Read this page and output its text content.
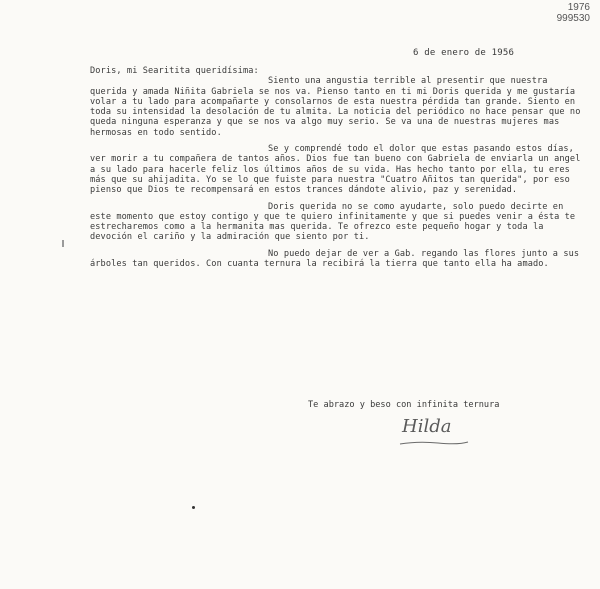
1976
999530
6 de enero de 1956

Doris, mi Searitita queridísima:

Siento una angustia terrible al presentir que nuestra querida y amada Niñita Gabriela se nos va. Pienso tanto en ti mi Doris querida y me gustaría volar a tu lado para acompañarte y consolarnos de esta nuestra pérdida tan grande. Siento en toda su intensidad la desolación de tu almita. La noticia del periódico no hace pensar que no queda ninguna esperanza y que se nos va algo muy serio. Se va una de nuestras mujeres mas hermosas en todo sentido.

Se y comprendé todo el dolor que estas pasando estos días, ver morir a tu compañera de tantos años. Dios fue tan bueno con Gabriela de enviarla un angel a su lado para hacerle feliz los últimos años de su vida. Has hecho tanto por ella, tu eres más que su ahijadita. Yo se lo que fuiste para nuestra "Cuatro Añitos tan querida", por eso pienso que Dios te recompensará en estos trances dándote alivio, paz y serenidad.

Doris querida no se como ayudarte, solo puedo decirte en este momento que estoy contigo y que te quiero infinitamente y que si puedes venir a ésta te estrecharemos como a la hermanita mas querida. Te ofrezco este pequeño hogar y toda la devoción el cariño y la admiración que siento por ti.

No puedo dejar de ver a Gab. regando las flores junto a sus árboles tan queridos. Con cuanta ternura la recibirá la tierra que tanto ella ha amado.

Te abrazo y beso con infinita ternura
Hilda
